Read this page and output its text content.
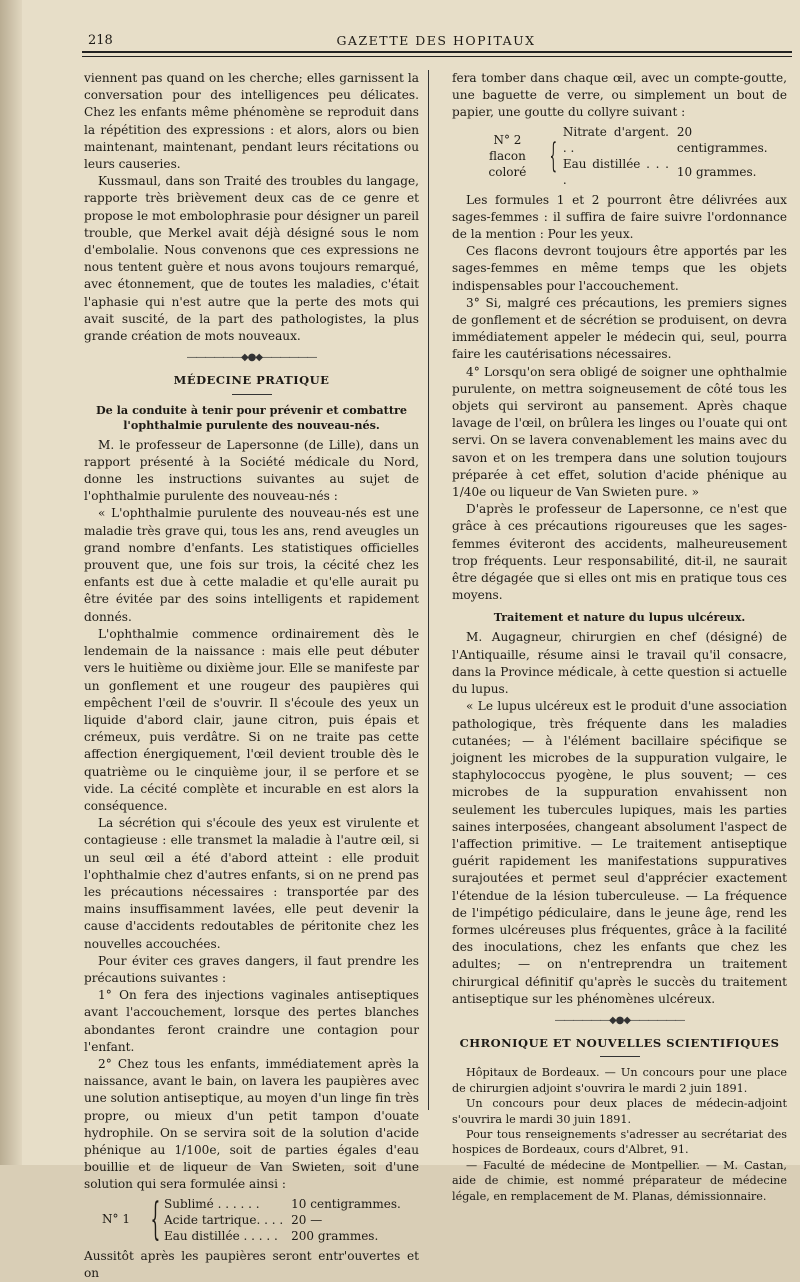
218	GAZETTE DES HOPITAUX

viennent pas quand on les cherche; elles garnissent la conversation pour des intelligences peu délicates. Chez les enfants même phénomène se reproduit dans la répétition des expressions : et alors, alors ou bien maintenant, maintenant, pendant leurs récitations ou leurs causeries.

Kussmaul, dans son Traité des troubles du langage, rapporte très brièvement deux cas de ce genre et propose le mot embolophrasie pour désigner un pareil trouble, que Merkel avait déjà désigné sous le nom d'embolalie. Nous convenons que ces expressions ne nous tentent guère et nous avons toujours remarqué, avec étonnement, que de toutes les maladies, c'était l'aphasie qui n'est autre que la perte des mots qui avait suscité, de la part des pathologistes, la plus grande création de mots nouveaux.

――――――◆●◆――――――
MÉDECINE PRATIQUE
De la conduite à tenir pour prévenir et combattre l'ophthalmie purulente des nouveau-nés.

M. le professeur de Lapersonne (de Lille), dans un rapport présenté à la Société médicale du Nord, donne les instructions suivantes au sujet de l'ophthalmie purulente des nouveau-nés :

« L'ophthalmie purulente des nouveau-nés est une maladie très grave qui, tous les ans, rend aveugles un grand nombre d'enfants. Les statistiques officielles prouvent que, une fois sur trois, la cécité chez les enfants est due à cette maladie et qu'elle aurait pu être évitée par des soins intelligents et rapidement donnés.

L'ophthalmie commence ordinairement dès le lendemain de la naissance : mais elle peut débuter vers le huitième ou dixième jour. Elle se manifeste par un gonflement et une rougeur des paupières qui empêchent l'œil de s'ouvrir. Il s'écoule des yeux un liquide d'abord clair, jaune citron, puis épais et crémeux, puis verdâtre. Si on ne traite pas cette affection énergiquement, l'œil devient trouble dès le quatrième ou le cinquième jour, il se perfore et se vide. La cécité complète et incurable en est alors la conséquence.

La sécrétion qui s'écoule des yeux est virulente et contagieuse : elle transmet la maladie à l'autre œil, si un seul œil a été d'abord atteint : elle produit l'ophthalmie chez d'autres enfants, si on ne prend pas les précautions nécessaires : transportée par des mains insuffisamment lavées, elle peut devenir la cause d'accidents redoutables de péritonite chez les nouvelles accouchées.

Pour éviter ces graves dangers, il faut prendre les précautions suivantes :

1° On fera des injections vaginales antiseptiques avant l'accouchement, lorsque des pertes blanches abondantes feront craindre une contagion pour l'enfant.

2° Chez tous les enfants, immédiatement après la naissance, avant le bain, on lavera les paupières avec une solution antiseptique, au moyen d'un linge fin très propre, ou mieux d'un petit tampon d'ouate hydrophile. On se servira soit de la solution d'acide phénique au 1/100e, soit de parties égales d'eau bouillie et de liqueur de Van Swieten, soit d'une solution qui sera formulée ainsi :

N° 1 { Sublimé . . . . . .	10 centigrammes.
Acide tartrique. . . .	20 —
Eau distillée . . . . .	200 grammes.

Aussitôt après les paupières seront entr'ouvertes et on

fera tomber dans chaque œil, avec un compte-goutte, une baguette de verre, ou simplement un bout de papier, une goutte du collyre suivant :

N° 2
flacon coloré {
Nitrate d'argent. . .	20 centigrammes.
Eau distillée . . . .	10 grammes.

Les formules 1 et 2 pourront être délivrées aux sages-femmes : il suffira de faire suivre l'ordonnance de la mention : Pour les yeux.

Ces flacons devront toujours être apportés par les sages-femmes en même temps que les objets indispensables pour l'accouchement.

3° Si, malgré ces précautions, les premiers signes de gonflement et de sécrétion se produisent, on devra immédiatement appeler le médecin qui, seul, pourra faire les cautérisations nécessaires.

4° Lorsqu'on sera obligé de soigner une ophthalmie purulente, on mettra soigneusement de côté tous les objets qui serviront au pansement. Après chaque lavage de l'œil, on brûlera les linges ou l'ouate qui ont servi. On se lavera convenablement les mains avec du savon et on les trempera dans une solution toujours préparée à cet effet, solution d'acide phénique au 1/40e ou liqueur de Van Swieten pure. »

D'après le professeur de Lapersonne, ce n'est que grâce à ces précautions rigoureuses que les sages-femmes éviteront des accidents, malheureusement trop fréquents. Leur responsabilité, dit-il, ne saurait être dégagée que si elles ont mis en pratique tous ces moyens.

Traitement et nature du lupus ulcéreux.

M. Augagneur, chirurgien en chef (désigné) de l'Antiquaille, résume ainsi le travail qu'il consacre, dans la Province médicale, à cette question si actuelle du lupus.

« Le lupus ulcéreux est le produit d'une association pathologique, très fréquente dans les maladies cutanées; — à l'élément bacillaire spécifique se joignent les microbes de la suppuration vulgaire, le staphylococcus pyogène, le plus souvent; — ces microbes de la suppuration envahissent non seulement les tubercules lupiques, mais les parties saines interposées, changeant absolument l'aspect de l'affection primitive. — Le traitement antiseptique guérit rapidement les manifestations suppuratives surajoutées et permet seul d'apprécier exactement l'étendue de la lésion tuberculeuse. — La fréquence de l'impétigo pédiculaire, dans le jeune âge, rend les formes ulcéreuses plus fréquentes, grâce à la facilité des inoculations, chez les enfants que chez les adultes; — on n'entreprendra un traitement chirurgical définitif qu'après le succès du traitement antiseptique sur les phénomènes ulcéreux.

――――――◆●◆――――――
CHRONIQUE ET NOUVELLES SCIENTIFIQUES

Hôpitaux de Bordeaux. — Un concours pour une place de chirurgien adjoint s'ouvrira le mardi 2 juin 1891.

Un concours pour deux places de médecin-adjoint s'ouvrira le mardi 30 juin 1891.

Pour tous renseignements s'adresser au secrétariat des hospices de Bordeaux, cours d'Albret, 91.

— Faculté de médecine de Montpellier. — M. Castan, aide de chimie, est nommé préparateur de médecine légale, en remplacement de M. Planas, démissionnaire.
